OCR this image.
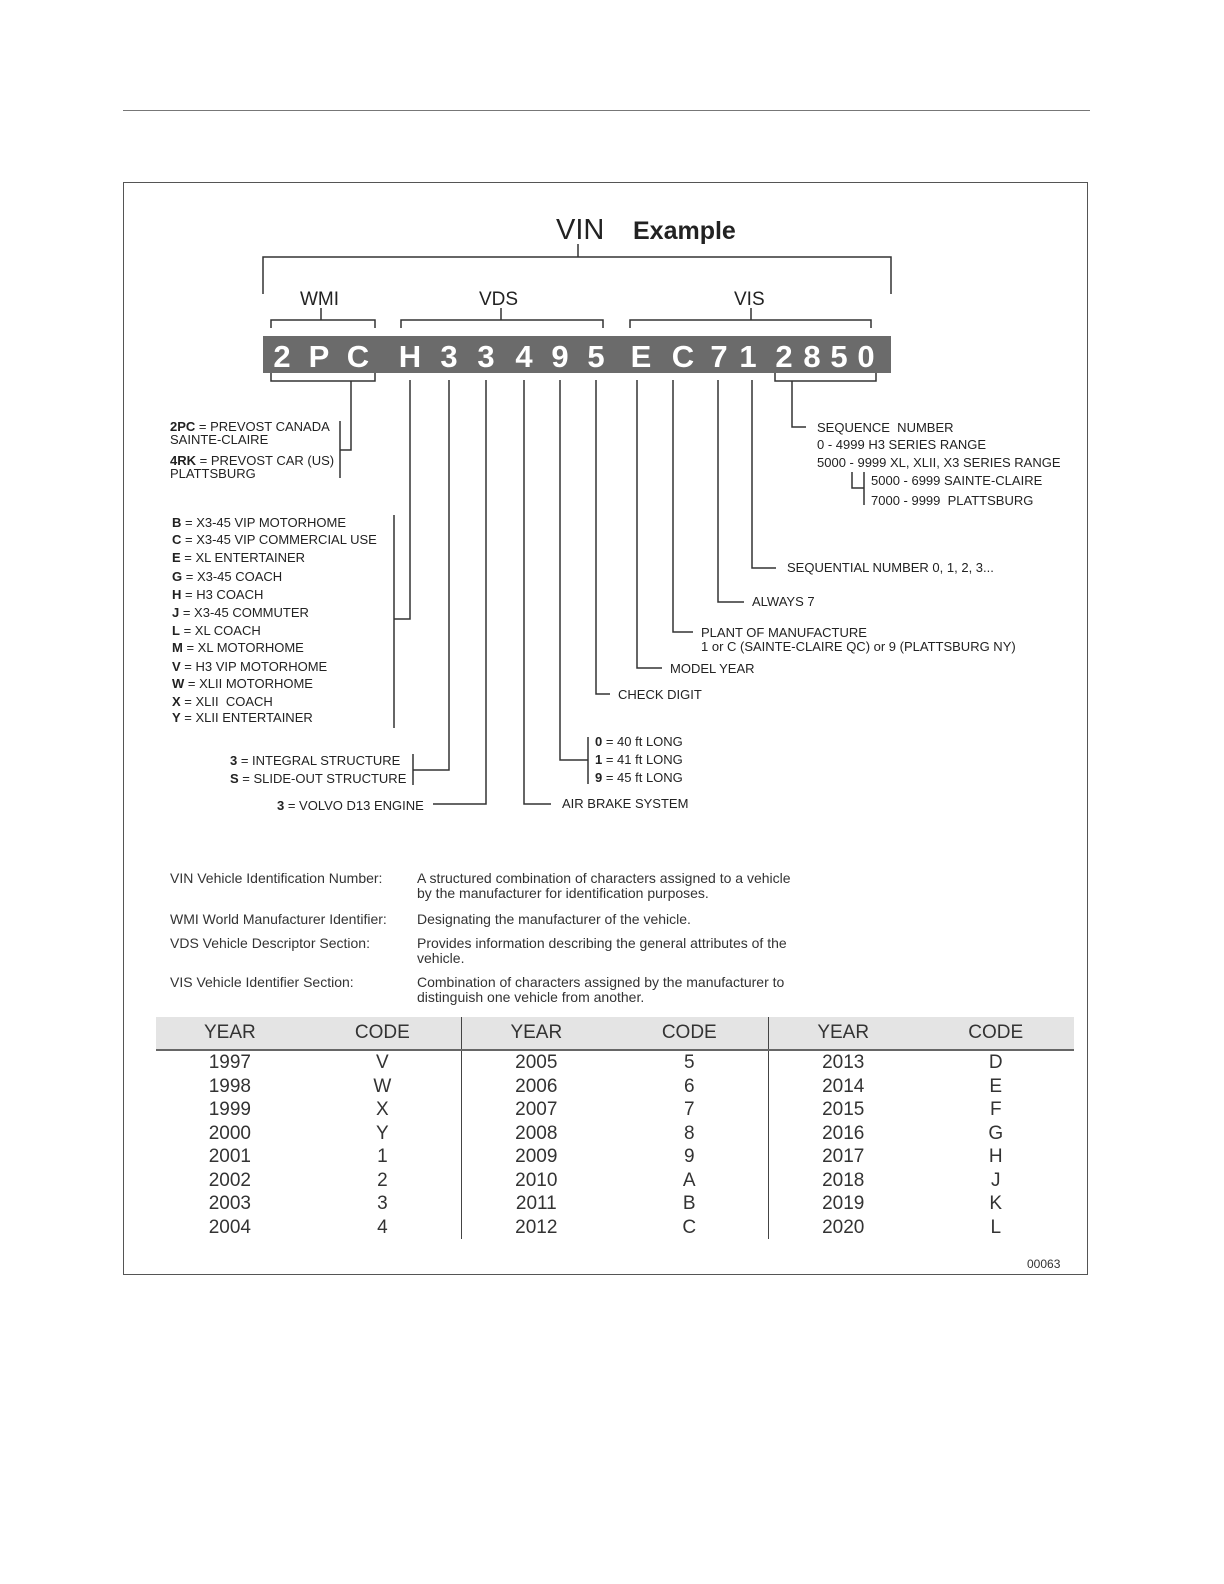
VIN Example
WMI	VDS	VIS
2 P C H 3 3 4 9 5 E C 7 1 2 8 5 0
2PC = PREVOST CANADA
SAINTE-CLAIRE
4RK = PREVOST CAR (US)
PLATTSBURG
B = X3-45 VIP MOTORHOME
C = X3-45 VIP COMMERCIAL USE
E = XL ENTERTAINER
G = X3-45 COACH
H = H3 COACH
J = X3-45 COMMUTER
L = XL COACH
M = XL MOTORHOME
V = H3 VIP MOTORHOME
W = XLII MOTORHOME
X = XLII  COACH
Y = XLII ENTERTAINER
3 = INTEGRAL STRUCTURE
S = SLIDE-OUT STRUCTURE
3 = VOLVO D13 ENGINE	AIR BRAKE SYSTEM
0 = 40 ft LONG
1 = 41 ft LONG
9 = 45 ft LONG
CHECK DIGIT
MODEL YEAR
PLANT OF MANUFACTURE
1 or C (SAINTE-CLAIRE QC) or 9 (PLATTSBURG NY)
ALWAYS 7
SEQUENTIAL NUMBER 0, 1, 2, 3...
SEQUENCE  NUMBER
0 - 4999 H3 SERIES RANGE
5000 - 9999 XL, XLII, X3 SERIES RANGE
5000 - 6999 SAINTE-CLAIRE
7000 - 9999  PLATTSBURG
VIN Vehicle Identification Number: A structured combination of characters assigned to a vehicle by the manufacturer for identification purposes.
WMI World Manufacturer Identifier: Designating the manufacturer of the vehicle.
VDS Vehicle Descriptor Section:	Provides information describing the general attributes of the vehicle.
VIS Vehicle Identifier Section:	Combination of characters assigned by the manufacturer to distinguish one vehicle from another.
YEAR	CODE	YEAR	CODE	YEAR	CODE
1997	V	2005	5	2013	D
1998	W	2006	6	2014	E
1999	X	2007	7	2015	F
2000	Y	2008	8	2016	G
2001	1	2009	9	2017	H
2002	2	2010	A	2018	J
2003	3	2011	B	2019	K
2004	4	2012	C	2020	L
00063
